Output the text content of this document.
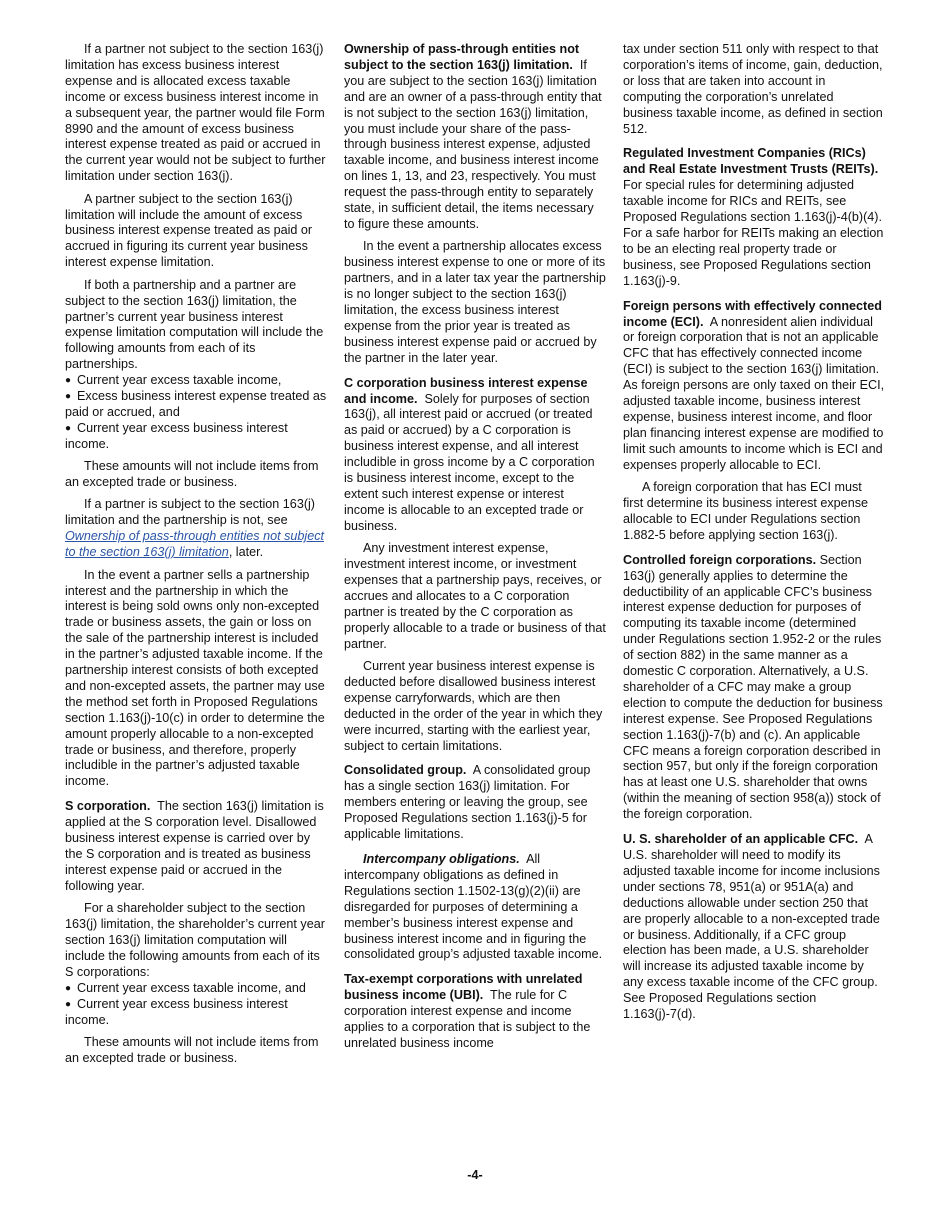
If a partner not subject to the section 163(j) limitation has excess business interest expense and is allocated excess taxable income or excess business interest income in a subsequent year, the partner would file Form 8990 and the amount of excess business interest expense treated as paid or accrued in the current year would not be subject to further limitation under section 163(j).

A partner subject to the section 163(j) limitation will include the amount of excess business interest expense treated as paid or accrued in figuring its current year business interest expense limitation.

If both a partnership and a partner are subject to the section 163(j) limitation, the partner’s current year business interest expense limitation computation will include the following amounts from each of its partnerships.

● Current year excess taxable income,

● Excess business interest expense treated as paid or accrued, and

● Current year excess business interest income.

These amounts will not include items from an excepted trade or business.

If a partner is subject to the section 163(j) limitation and the partnership is not, see Ownership of pass-through entities not subject to the section 163(j) limitation, later.

In the event a partner sells a partnership interest and the partnership in which the interest is being sold owns only non-excepted trade or business assets, the gain or loss on the sale of the partnership interest is included in the partner’s adjusted taxable income. If the partnership interest consists of both excepted and non-excepted assets, the partner may use the method set forth in Proposed Regulations section 1.163(j)-10(c) in order to determine the amount properly allocable to a non-excepted trade or business, and therefore, properly includible in the partner’s adjusted taxable income.

S corporation. The section 163(j) limitation is applied at the S corporation level. Disallowed business interest expense is carried over by the S corporation and is treated as business interest expense paid or accrued in the following year.

For a shareholder subject to the section 163(j) limitation, the shareholder’s current year section 163(j) limitation computation will include the following amounts from each of its S corporations:

● Current year excess taxable income, and

● Current year excess business interest income.

These amounts will not include items from an excepted trade or business.

Ownership of pass-through entities not subject to the section 163(j) limitation. If you are subject to the section 163(j) limitation and are an owner of a pass-through entity that is not subject to the section 163(j) limitation, you must include your share of the pass-through business interest expense, adjusted taxable income, and business interest income on lines 1, 13, and 23, respectively. You must request the pass-through entity to separately state, in sufficient detail, the items necessary to figure these amounts.

In the event a partnership allocates excess business interest expense to one or more of its partners, and in a later tax year the partnership is no longer subject to the section 163(j) limitation, the excess business interest expense from the prior year is treated as business interest expense paid or accrued by the partner in the later year.

C corporation business interest expense and income. Solely for purposes of section 163(j), all interest paid or accrued (or treated as paid or accrued) by a C corporation is business interest expense, and all interest includible in gross income by a C corporation is business interest income, except to the extent such interest expense or interest income is allocable to an excepted trade or business.

Any investment interest expense, investment interest income, or investment expenses that a partnership pays, receives, or accrues and allocates to a C corporation partner is treated by the C corporation as properly allocable to a trade or business of that partner.

Current year business interest expense is deducted before disallowed business interest expense carryforwards, which are then deducted in the order of the year in which they were incurred, starting with the earliest year, subject to certain limitations.

Consolidated group. A consolidated group has a single section 163(j) limitation. For members entering or leaving the group, see Proposed Regulations section 1.163(j)-5 for applicable limitations.

Intercompany obligations. All intercompany obligations as defined in Regulations section 1.1502-13(g)(2)(ii) are disregarded for purposes of determining a member’s business interest expense and business interest income and in figuring the consolidated group’s adjusted taxable income.

Tax-exempt corporations with unrelated business income (UBI). The rule for C corporation interest expense and income applies to a corporation that is subject to the unrelated business income

tax under section 511 only with respect to that corporation’s items of income, gain, deduction, or loss that are taken into account in computing the corporation’s unrelated business taxable income, as defined in section 512.

Regulated Investment Companies (RICs) and Real Estate Investment Trusts (REITs).  For special rules for determining adjusted taxable income for RICs and REITs, see Proposed Regulations section 1.163(j)-4(b)(4). For a safe harbor for REITs making an election to be an electing real property trade or business, see Proposed Regulations section 1.163(j)-9.

Foreign persons with effectively connected income (ECI). A nonresident alien individual or foreign corporation that is not an applicable CFC that has effectively connected income (ECI) is subject to the section 163(j) limitation. As foreign persons are only taxed on their ECI, adjusted taxable income, business interest expense, business interest income, and floor plan financing interest expense are modified to limit such amounts to income which is ECI and expenses properly allocable to ECI.

A foreign corporation that has ECI must first determine its business interest expense allocable to ECI under Regulations section 1.882-5 before applying section 163(j).

Controlled foreign corporations. Section 163(j) generally applies to determine the deductibility of an applicable CFC’s business interest expense deduction for purposes of computing its taxable income (determined under Regulations section 1.952-2 or the rules of section 882) in the same manner as a domestic C corporation. Alternatively, a U.S. shareholder of a CFC may make a group election to compute the deduction for business interest expense. See Proposed Regulations section 1.163(j)-7(b) and (c). An applicable CFC means a foreign corporation described in section 957, but only if the foreign corporation has at least one U.S. shareholder that owns (within the meaning of section 958(a)) stock of the foreign corporation.

U. S. shareholder of an applicable CFC. A U.S. shareholder will need to modify its adjusted taxable income for income inclusions under sections 78, 951(a) or 951A(a) and deductions allowable under section 250 that are properly allocable to a non-excepted trade or business. Additionally, if a CFC group election has been made, a U.S. shareholder will increase its adjusted taxable income by any excess taxable income of the CFC group. See Proposed Regulations section 1.163(j)-7(d).

-4-
